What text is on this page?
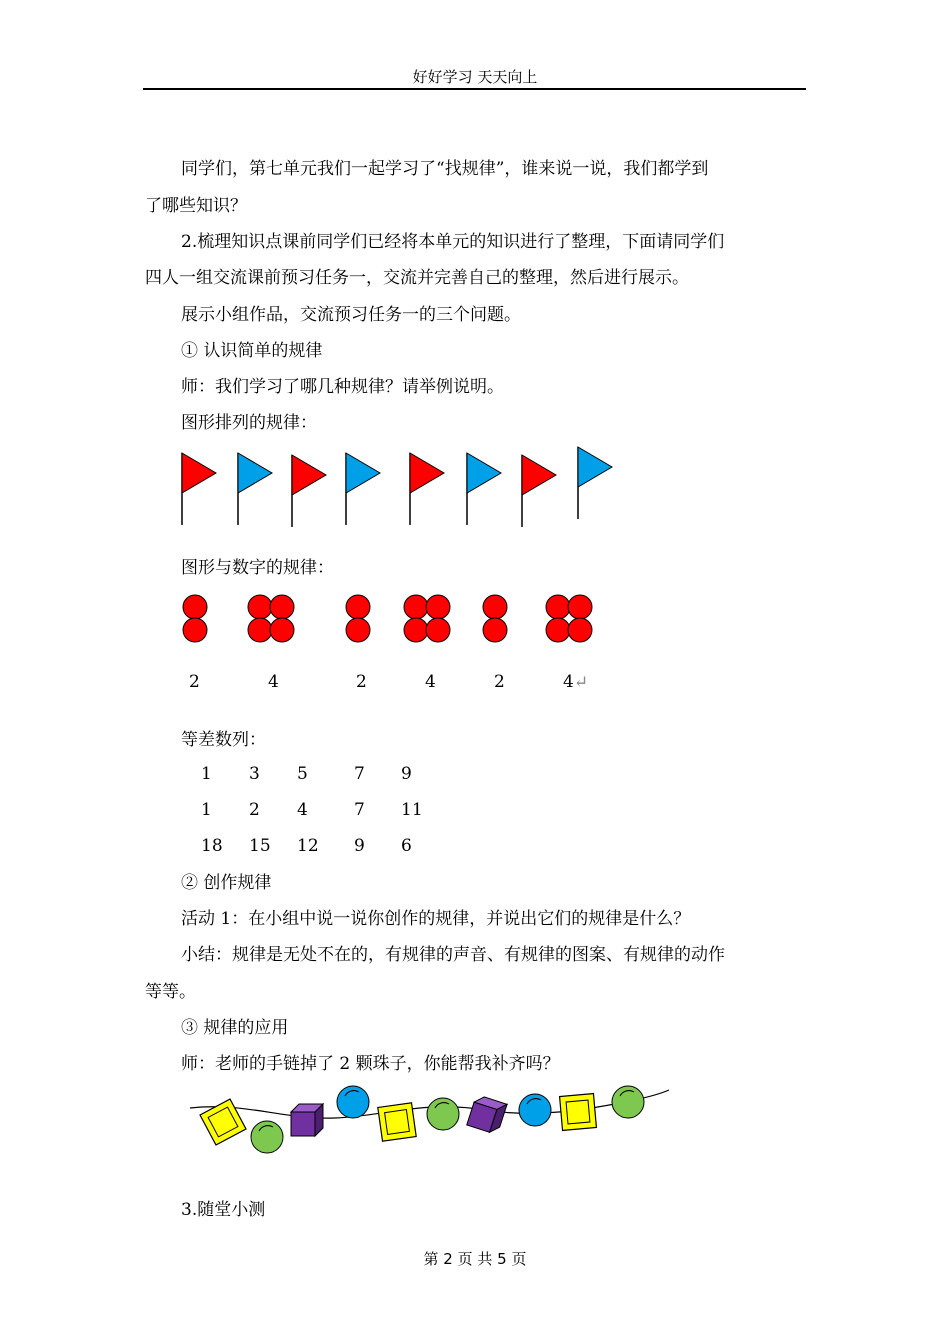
好好学习 天天向上
同学们，第七单元我们一起学习了“找规律”，谁来说一说，我们都学到
了哪些知识？
2.梳理知识点课前同学们已经将本单元的知识进行了整理，下面请同学们
四人一组交流课前预习任务一，交流并完善自己的整理，然后进行展示。
展示小组作品，交流预习任务一的三个问题。
① 认识简单的规律
师：我们学习了哪几种规律？请举例说明。
图形排列的规律：
图形与数字的规律：
2	4	2	4	2	4↵
等差数列：
1 3 5	7 9
1 2 4	7 11
18 15 12 9 6
② 创作规律
活动 1：在小组中说一说你创作的规律，并说出它们的规律是什么？
小结：规律是无处不在的，有规律的声音、有规律的图案、有规律的动作
等等。
③ 规律的应用
师：老师的手链掉了 2 颗珠子，你能帮我补齐吗？
3.随堂小测
第 2 页 共 5 页
